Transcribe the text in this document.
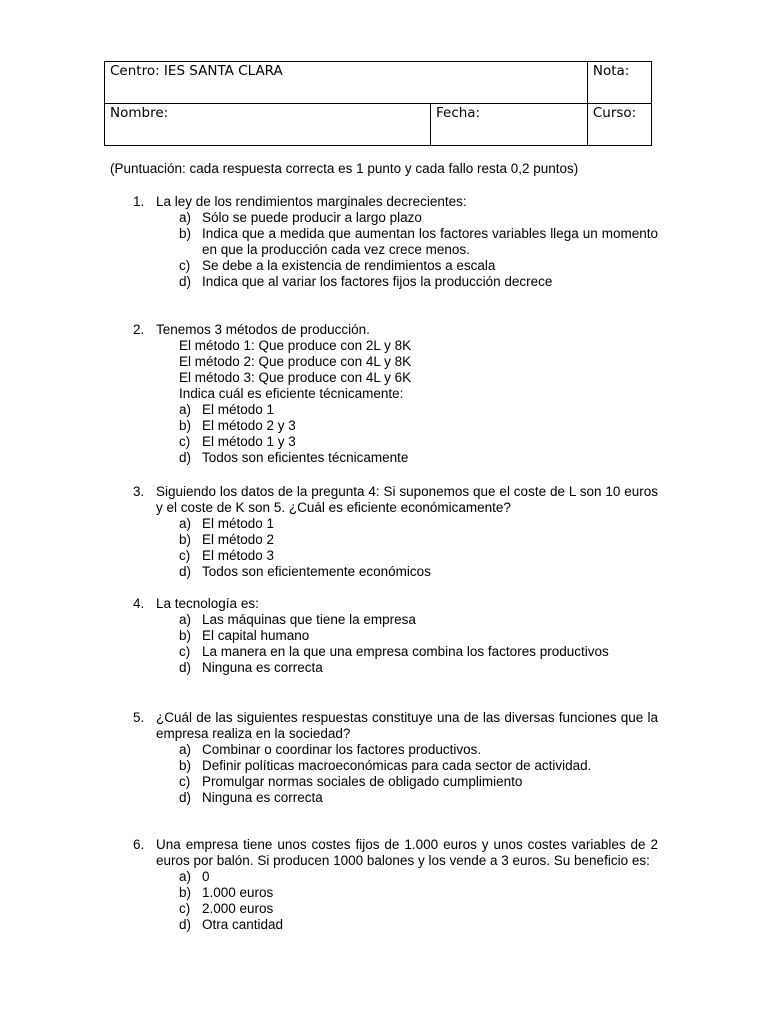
Centro: IES SANTA CLARA		Nota:
Nombre:	Fecha:	Curso:

(Puntuación: cada respuesta correcta es 1 punto y cada fallo resta 0,2 puntos)

1. La ley de los rendimientos marginales decrecientes:
a) Sólo se puede producir a largo plazo
b) Indica que a medida que aumentan los factores variables llega un momento en que la producción cada vez crece menos.
c) Se debe a la existencia de rendimientos a escala
d) Indica que al variar los factores fijos la producción decrece
2. Tenemos 3 métodos de producción.
El método 1: Que produce con 2L y 8K
El método 2: Que produce con 4L y 8K
El método 3: Que produce con 4L y 6K
Indica cuál es eficiente técnicamente:
a) El método 1
b) El método 2 y 3
c) El método 1 y 3
d) Todos son eficientes técnicamente
3. Siguiendo los datos de la pregunta 4: Si suponemos que el coste de L son 10 euros y el coste de K son 5. ¿Cuál es eficiente económicamente?
a) El método 1
b) El método 2
c) El método 3
d) Todos son eficientemente económicos
4. La tecnología es:
a) Las máquinas que tiene la empresa
b) El capital humano
c) La manera en la que una empresa combina los factores productivos
d) Ninguna es correcta
5. ¿Cuál de las siguientes respuestas constituye una de las diversas funciones que la empresa realiza en la sociedad?
a) Combinar o coordinar los factores productivos.
b) Definir políticas macroeconómicas para cada sector de actividad.
c) Promulgar normas sociales de obligado cumplimiento
d) Ninguna es correcta
6. Una empresa tiene unos costes fijos de 1.000 euros y unos costes variables de 2 euros por balón. Si producen 1000 balones y los vende a 3 euros. Su beneficio es:
a) 0
b) 1.000 euros
c) 2.000 euros
d) Otra cantidad
